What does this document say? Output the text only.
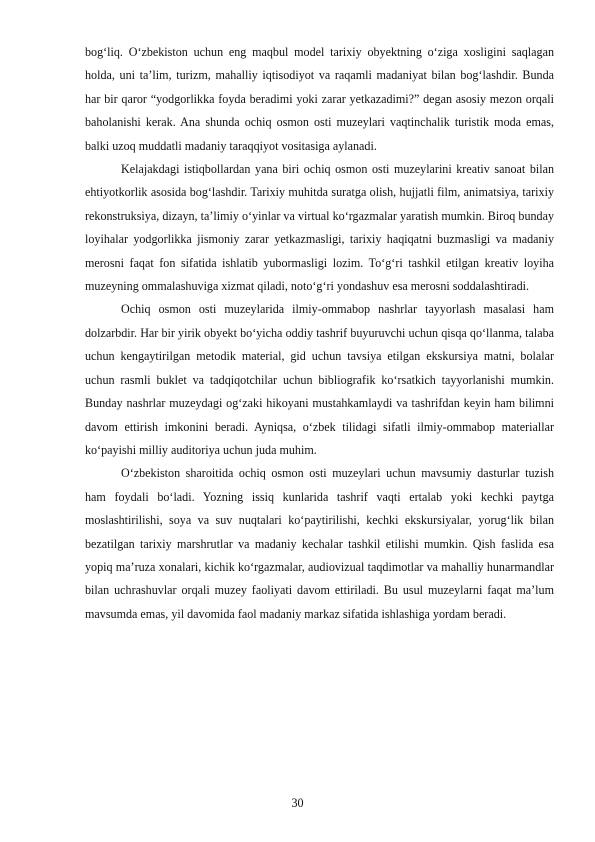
bog‘liq. O‘zbekiston uchun eng maqbul model tarixiy obyektning o‘ziga xosligini saqlagan holda, uni ta’lim, turizm, mahalliy iqtisodiyot va raqamli madaniyat bilan bog‘lashdir. Bunda har bir qaror “yodgorlikka foyda beradimi yoki zarar yetkazadimi?” degan asosiy mezon orqali baholanishi kerak. Ana shunda ochiq osmon osti muzeylari vaqtinchalik turistik moda emas, balki uzoq muddatli madaniy taraqqiyot vositasiga aylanadi.

Kelajakdagi istiqbollardan yana biri ochiq osmon osti muzeylarini kreativ sanoat bilan ehtiyotkorlik asosida bog‘lashdir. Tarixiy muhitda suratga olish, hujjatli film, animatsiya, tarixiy rekonstruksiya, dizayn, ta’limiy o‘yinlar va virtual ko‘rgazmalar yaratish mumkin. Biroq bunday loyihalar yodgorlikka jismoniy zarar yetkazmasligi, tarixiy haqiqatni buzmasligi va madaniy merosni faqat fon sifatida ishlatib yubormasligi lozim. To‘g‘ri tashkil etilgan kreativ loyiha muzeyning ommalashuviga xizmat qiladi, noto‘g‘ri yondashuv esa merosni soddalashtiradi.

Ochiq osmon osti muzeylarida ilmiy-ommabop nashrlar tayyorlash masalasi ham dolzarbdir. Har bir yirik obyekt bo‘yicha oddiy tashrif buyuruvchi uchun qisqa qo‘llanma, talaba uchun kengaytirilgan metodik material, gid uchun tavsiya etilgan ekskursiya matni, bolalar uchun rasmli buklet va tadqiqotchilar uchun bibliografik ko‘rsatkich tayyorlanishi mumkin. Bunday nashrlar muzeydagi og‘zaki hikoyani mustahkamlaydi va tashrifdan keyin ham bilimni davom ettirish imkonini beradi. Ayniqsa, o‘zbek tilidagi sifatli ilmiy-ommabop materiallar ko‘payishi milliy auditoriya uchun juda muhim.

O‘zbekiston sharoitida ochiq osmon osti muzeylari uchun mavsumiy dasturlar tuzish ham foydali bo‘ladi. Yozning issiq kunlarida tashrif vaqti ertalab yoki kechki paytga moslashtirilishi, soya va suv nuqtalari ko‘paytirilishi, kechki ekskursiyalar, yorug‘lik bilan bezatilgan tarixiy marshrutlar va madaniy kechalar tashkil etilishi mumkin. Qish faslida esa yopiq ma’ruza xonalari, kichik ko‘rgazmalar, audiovizual taqdimotlar va mahalliy hunarmandlar bilan uchrashuvlar orqali muzey faoliyati davom ettiriladi. Bu usul muzeylarni faqat ma’lum mavsumda emas, yil davomida faol madaniy markaz sifatida ishlashiga yordam beradi.

30
